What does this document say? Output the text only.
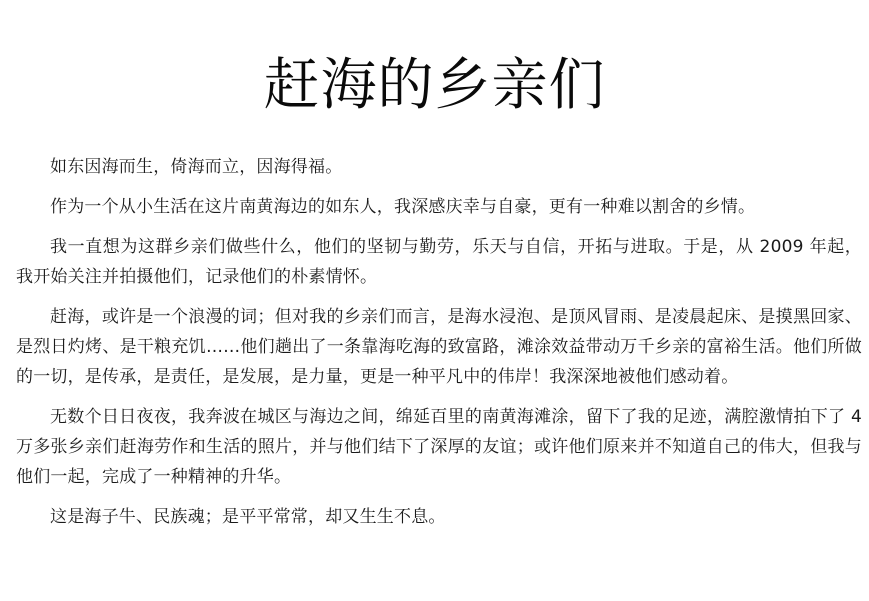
赶海的乡亲们

如东因海而生，倚海而立，因海得福。

作为一个从小生活在这片南黄海边的如东人，我深感庆幸与自豪，更有一种难以割舍的乡情。

我一直想为这群乡亲们做些什么，他们的坚韧与勤劳，乐天与自信，开拓与进取。于是，从 2009 年起，我开始关注并拍摄他们，记录他们的朴素情怀。

赶海，或许是一个浪漫的词；但对我的乡亲们而言，是海水浸泡、是顶风冒雨、是凌晨起床、是摸黑回家、是烈日灼烤、是干粮充饥……他们趟出了一条靠海吃海的致富路，滩涂效益带动万千乡亲的富裕生活。他们所做的一切，是传承，是责任，是发展，是力量，更是一种平凡中的伟岸！我深深地被他们感动着。

无数个日日夜夜，我奔波在城区与海边之间，绵延百里的南黄海滩涂，留下了我的足迹，满腔激情拍下了 4 万多张乡亲们赶海劳作和生活的照片，并与他们结下了深厚的友谊；或许他们原来并不知道自己的伟大，但我与他们一起，完成了一种精神的升华。

这是海子牛、民族魂；是平平常常，却又生生不息。
